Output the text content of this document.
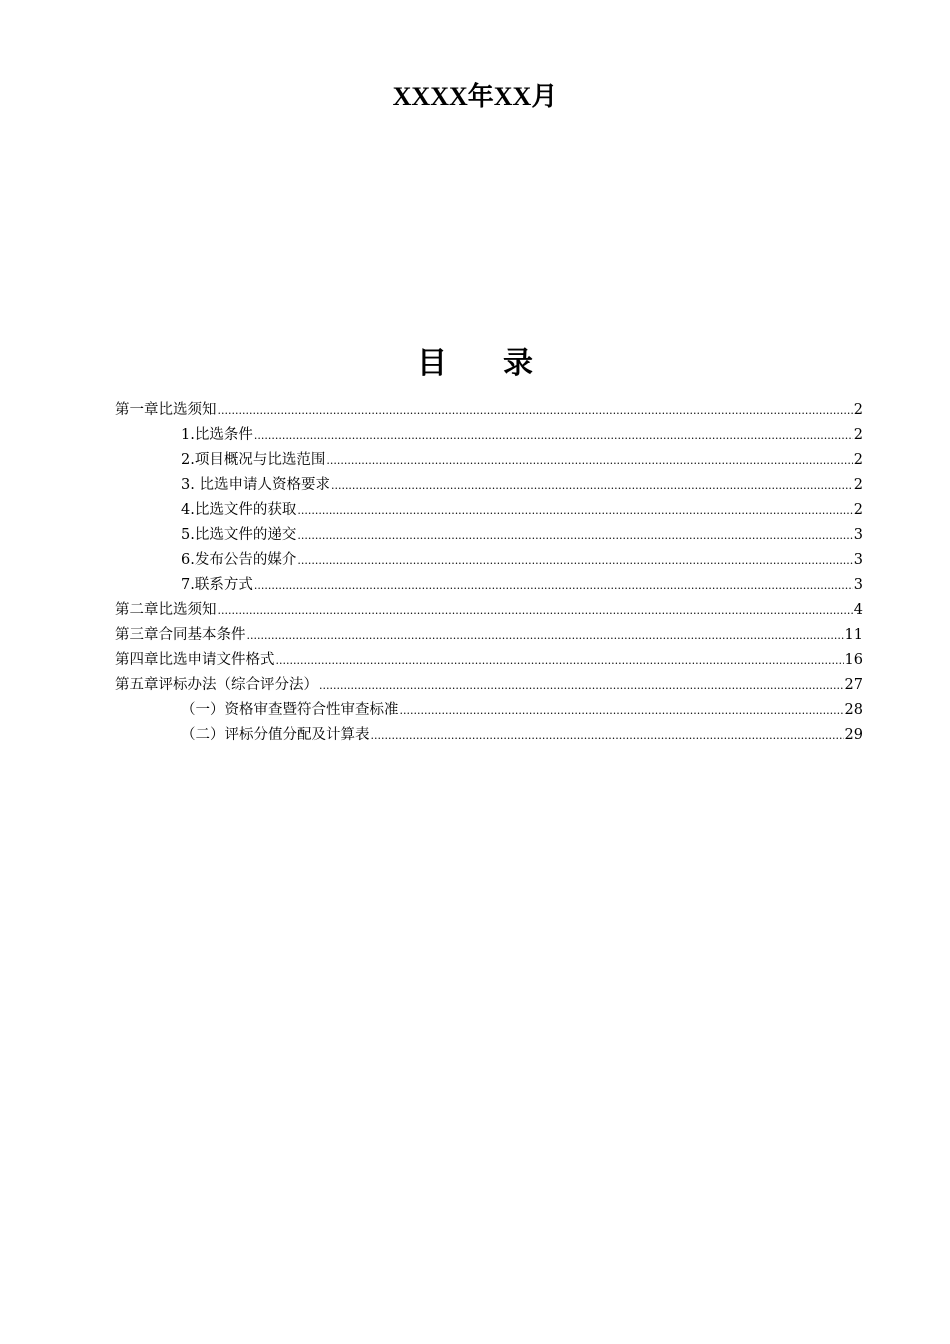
XXXX年XX月
目 录
第一章 比选须知 .....	2
1. 比选条件 .....	2
2. 项目概况与比选范围 .....	2
3. 比选申请人资格要求 .....	2
4. 比选文件的获取 .....	2
5. 比选文件的递交 .....	3
6. 发布公告的媒介 .....	3
7. 联系方式 .....	3
第二章 比选须知 .....	4
第三章 合同基本条件 .....	11
第四章 比选申请文件格式 .....	16
第五章 评标办法（综合评分法） .....	27
（一）资格审查暨符合性审查标准 .....	28
（二）评标分值分配及计算表 .....	29
